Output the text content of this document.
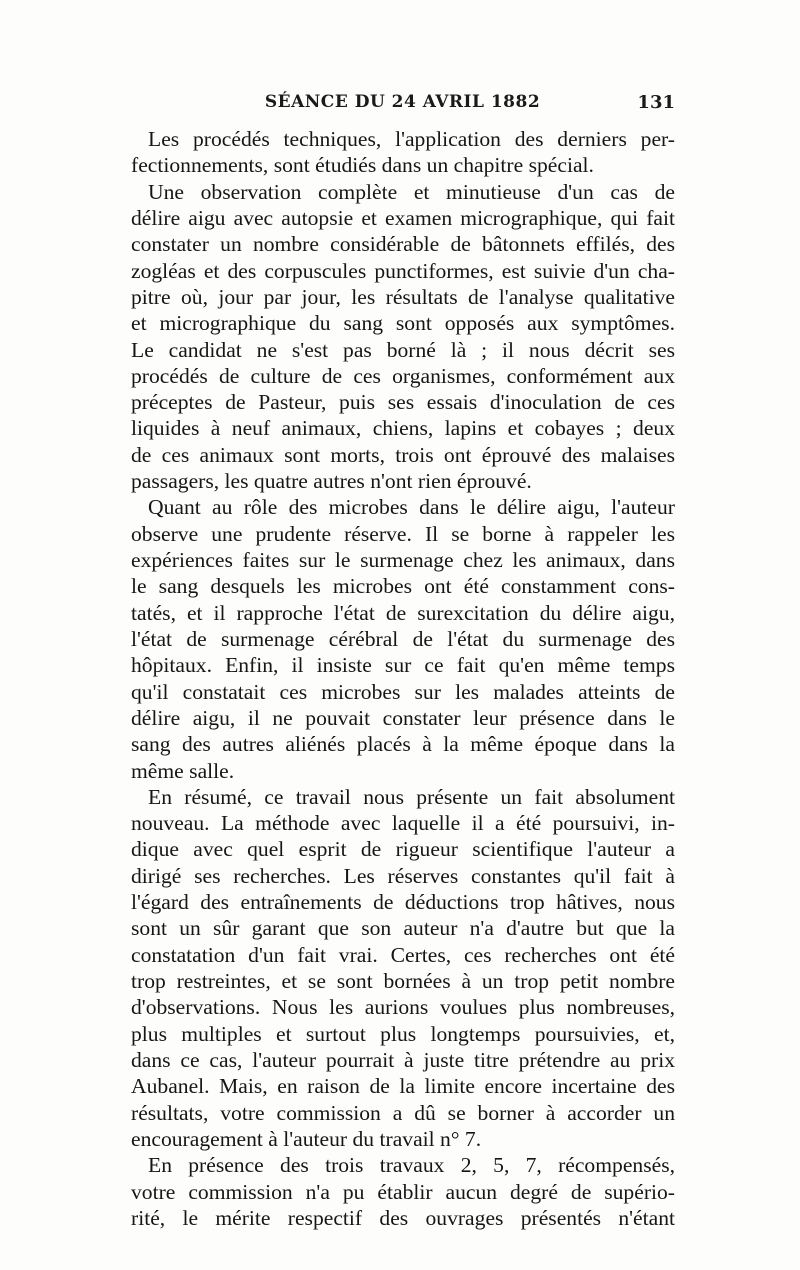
SÉANCE DU 24 AVRIL 1882	131
Les procédés techniques, l'application des derniers per-
fectionnements, sont étudiés dans un chapitre spécial.
Une observation complète et minutieuse d'un cas de
délire aigu avec autopsie et examen micrographique, qui fait
constater un nombre considérable de bâtonnets effilés, des
zogléas et des corpuscules punctiformes, est suivie d'un cha-
pitre où, jour par jour, les résultats de l'analyse qualitative
et micrographique du sang sont opposés aux symptômes.
Le candidat ne s'est pas borné là ; il nous décrit ses
procédés de culture de ces organismes, conformément aux
préceptes de Pasteur, puis ses essais d'inoculation de ces
liquides à neuf animaux, chiens, lapins et cobayes ; deux
de ces animaux sont morts, trois ont éprouvé des malaises
passagers, les quatre autres n'ont rien éprouvé.
Quant au rôle des microbes dans le délire aigu, l'auteur
observe une prudente réserve. Il se borne à rappeler les
expériences faites sur le surmenage chez les animaux, dans
le sang desquels les microbes ont été constamment cons-
tatés, et il rapproche l'état de surexcitation du délire aigu,
l'état de surmenage cérébral de l'état du surmenage des
hôpitaux. Enfin, il insiste sur ce fait qu'en même temps
qu'il constatait ces microbes sur les malades atteints de
délire aigu, il ne pouvait constater leur présence dans le
sang des autres aliénés placés à la même époque dans la
même salle.
En résumé, ce travail nous présente un fait absolument
nouveau. La méthode avec laquelle il a été poursuivi, in-
dique avec quel esprit de rigueur scientifique l'auteur a
dirigé ses recherches. Les réserves constantes qu'il fait à
l'égard des entraînements de déductions trop hâtives, nous
sont un sûr garant que son auteur n'a d'autre but que la
constatation d'un fait vrai. Certes, ces recherches ont été
trop restreintes, et se sont bornées à un trop petit nombre
d'observations. Nous les aurions voulues plus nombreuses,
plus multiples et surtout plus longtemps poursuivies, et,
dans ce cas, l'auteur pourrait à juste titre prétendre au prix
Aubanel. Mais, en raison de la limite encore incertaine des
résultats, votre commission a dû se borner à accorder un
encouragement à l'auteur du travail n° 7.
En présence des trois travaux 2, 5, 7, récompensés,
votre commission n'a pu établir aucun degré de supério-
rité, le mérite respectif des ouvrages présentés n'étant
